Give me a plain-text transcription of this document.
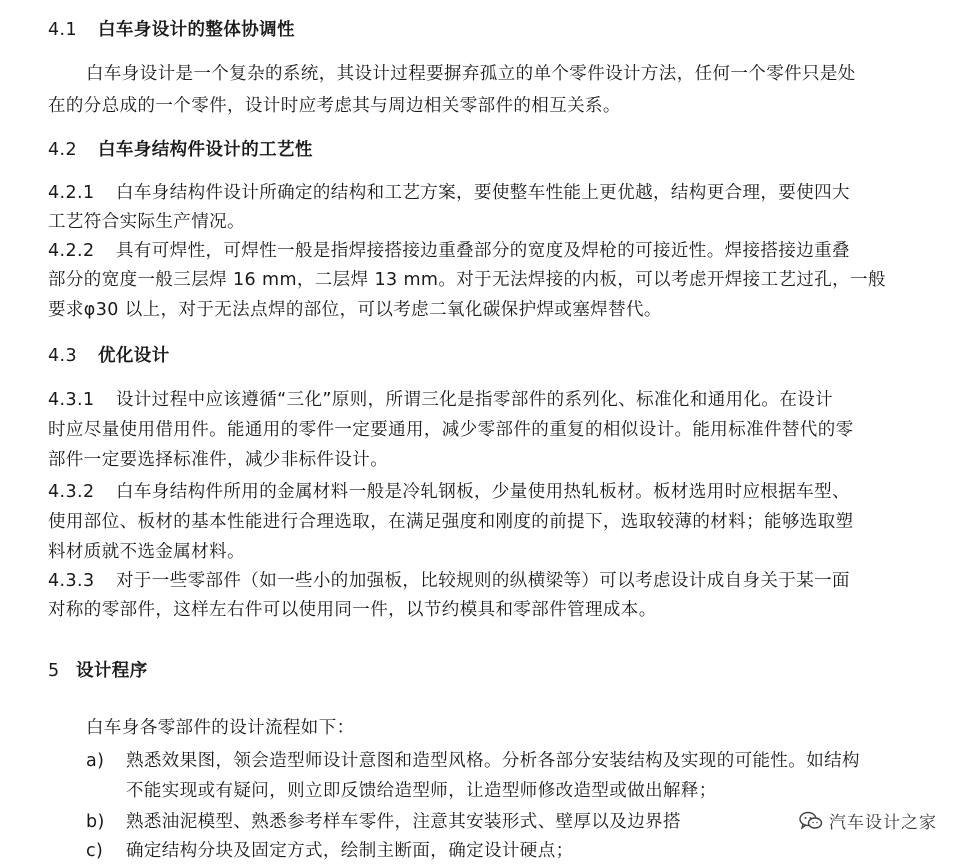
4.1 白车身设计的整体协调性
白车身设计是一个复杂的系统，其设计过程要摒弃孤立的单个零件设计方法，任何一个零件只是处
在的分总成的一个零件，设计时应考虑其与周边相关零部件的相互关系。
4.2 白车身结构件设计的工艺性
4.2.1 白车身结构件设计所确定的结构和工艺方案，要使整车性能上更优越，结构更合理，要使四大
工艺符合实际生产情况。
4.2.2 具有可焊性，可焊性一般是指焊接搭接边重叠部分的宽度及焊枪的可接近性。焊接搭接边重叠
部分的宽度一般三层焊 16 mm，二层焊 13 mm。对于无法焊接的内板，可以考虑开焊接工艺过孔，一般
要求φ30 以上，对于无法点焊的部位，可以考虑二氧化碳保护焊或塞焊替代。
4.3 优化设计
4.3.1 设计过程中应该遵循“三化”原则，所谓三化是指零部件的系列化、标准化和通用化。在设计
时应尽量使用借用件。能通用的零件一定要通用，减少零部件的重复的相似设计。能用标准件替代的零
部件一定要选择标准件，减少非标件设计。
4.3.2 白车身结构件所用的金属材料一般是冷轧钢板，少量使用热轧板材。板材选用时应根据车型、
使用部位、板材的基本性能进行合理选取，在满足强度和刚度的前提下，选取较薄的材料；能够选取塑
料材质就不选金属材料。
4.3.3 对于一些零部件（如一些小的加强板，比较规则的纵横梁等）可以考虑设计成自身关于某一面
对称的零部件，这样左右件可以使用同一件，以节约模具和零部件管理成本。
5 设计程序
白车身各零部件的设计流程如下：
a) 熟悉效果图，领会造型师设计意图和造型风格。分析各部分安装结构及实现的可能性。如结构
不能实现或有疑问，则立即反馈给造型师，让造型师修改造型或做出解释；
b) 熟悉油泥模型、熟悉参考样车零件，注意其安装形式、壁厚以及边界搭
c) 确定结构分块及固定方式，绘制主断面，确定设计硬点；
汽车设计之家
